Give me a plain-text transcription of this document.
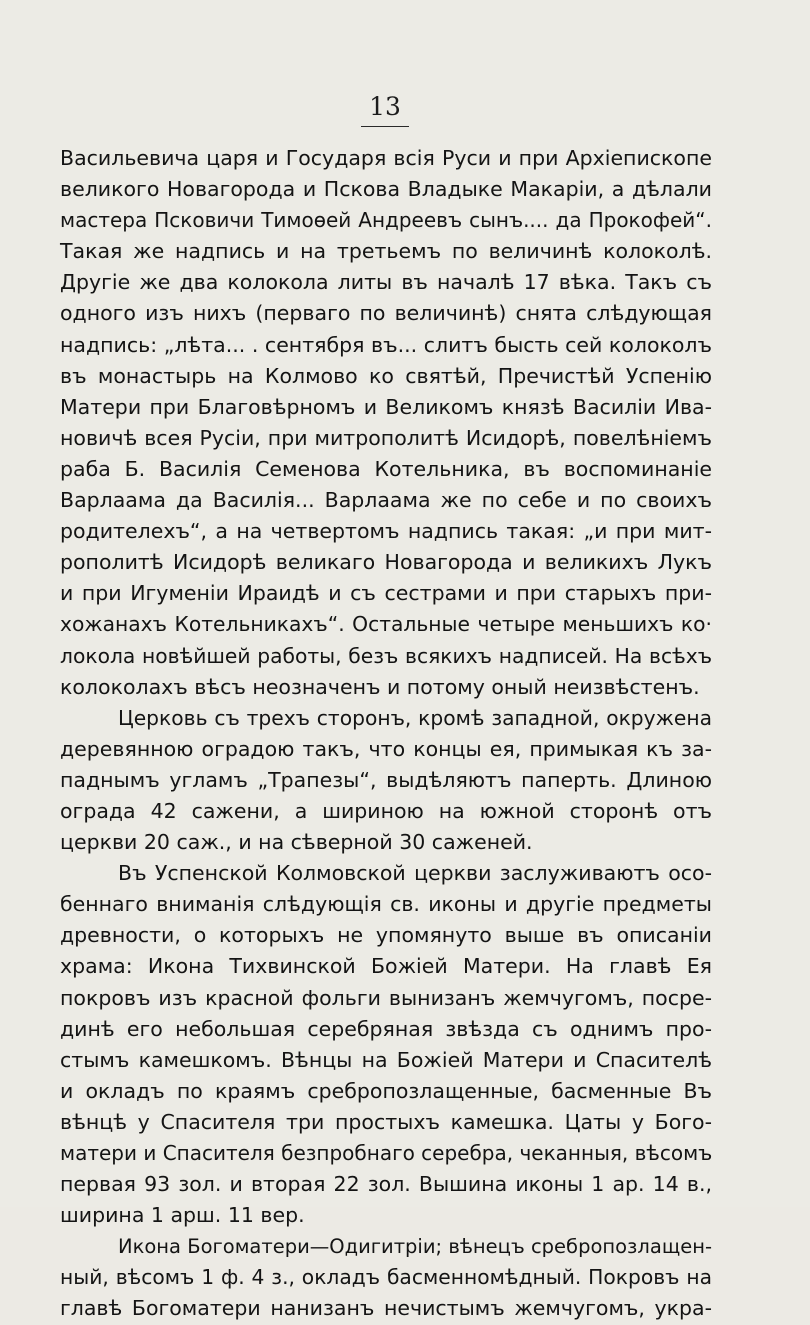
13
Васильевича царя и Государя всія Руси и при Архіепископе
великого Новагорода и Пскова Владыке Макаріи, а дѣлали
мастера Псковичи Тимоѳей Андреевъ сынъ.... да Прокофей“.
Такая же надпись и на третьемъ по величинѣ колоколѣ.
Другіе же два колокола литы въ началѣ 17 вѣка. Такъ съ
одного изъ нихъ (перваго по величинѣ) снята слѣдующая
надпись: „лѣта... . сентября въ... слитъ бысть сей колоколъ
въ монастырь на Колмово ко святѣй, Пречистѣй Успенію
Матери при Благовѣрномъ и Великомъ князѣ Василіи Ива-
новичѣ всея Русіи, при митрополитѣ Исидорѣ, повелѣніемъ
раба Б. Василія Семенова Котельника, въ воспоминаніе
Варлаама да Василія... Варлаама же по себе и по своихъ
родителехъ“, а на четвертомъ надпись такая: „и при мит-
рополитѣ Исидорѣ великаго Новагорода и великихъ Лукъ
и при Игуменіи Ираидѣ и съ сестрами и при старыхъ при-
хожанахъ Котельникахъ“. Остальные четыре меньшихъ ко·
локола новѣйшей работы, безъ всякихъ надписей. На всѣхъ
колоколахъ вѣсъ неозначенъ и потому оный неизвѣстенъ.
Церковь съ трехъ сторонъ, кромѣ западной, окружена
деревянною оградою такъ, что концы ея, примыкая къ за-
паднымъ угламъ „Трапезы“, выдѣляютъ паперть. Длиною
ограда 42 сажени, а шириною на южной сторонѣ отъ
церкви 20 саж., и на сѣверной 30 саженей.
Въ Успенской Колмовской церкви заслуживаютъ осо-
беннаго вниманія слѣдующія св. иконы и другіе предметы
древности, о которыхъ не упомянуто выше въ описаніи
храма: Икона Тихвинской Божіей Матери. На главѣ Ея
покровъ изъ красной фольги вынизанъ жемчугомъ, посре-
динѣ его небольшая серебряная звѣзда съ однимъ про-
стымъ камешкомъ. Вѣнцы на Божіей Матери и Спасителѣ
и окладъ по краямъ сребропозлащенные, басменные Въ
вѣнцѣ у Спасителя три простыхъ камешка. Цаты у Бого-
матери и Спасителя безпробнаго серебра, чеканныя, вѣсомъ
первая 93 зол. и вторая 22 зол. Вышина иконы 1 ар. 14 в.,
ширина 1 арш. 11 вер.
Икона Богоматери—Одигитріи; вѣнецъ сребропозлащен-
ный, вѣсомъ 1 ф. 4 з., окладъ басменномѣдный. Покровъ на
главѣ Богоматери нанизанъ нечистымъ жемчугомъ, укра-
